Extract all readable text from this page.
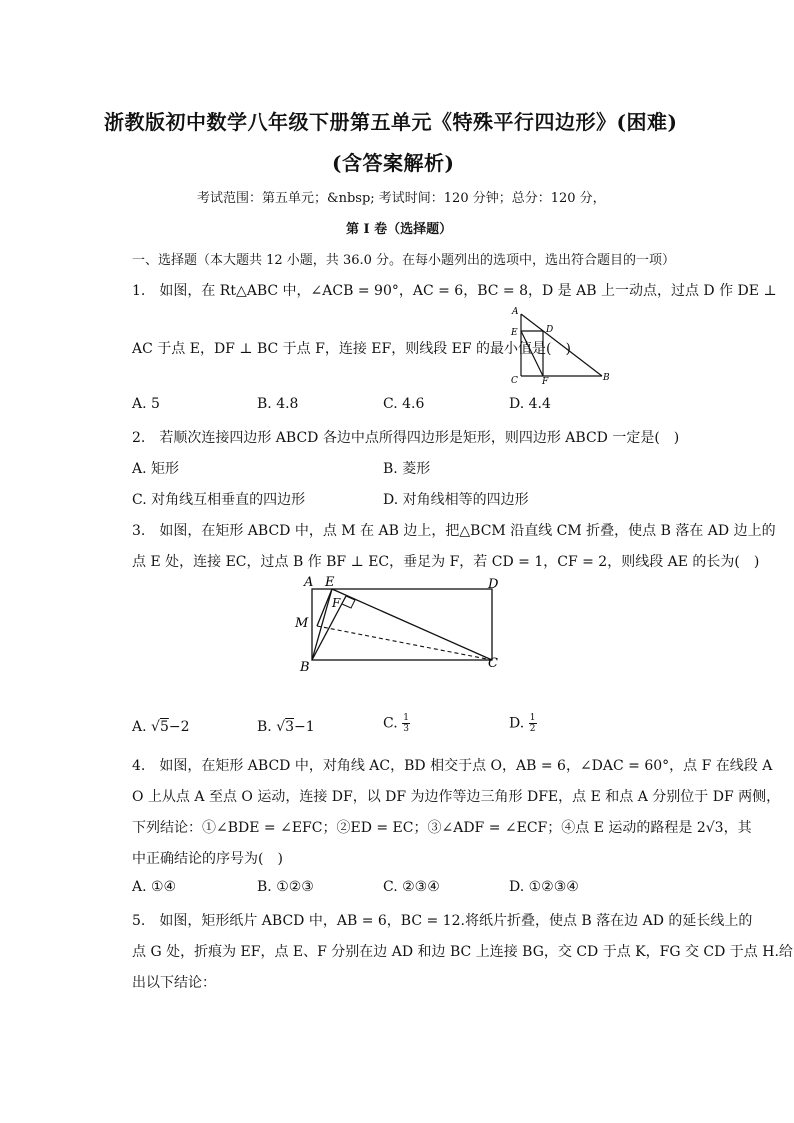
浙教版初中数学八年级下册第五单元《特殊平行四边形》(困难)
(含答案解析)
考试范围：第五单元；&nbsp; 考试时间：120 分钟；总分：120 分，
第 I 卷（选择题）
一、选择题（本大题共 12 小题，共 36.0 分。在每小题列出的选项中，选出符合题目的一项）
1.　如图，在 Rt△ABC 中，∠ACB = 90°，AC = 6，BC = 8，D 是 AB 上一动点，过点 D 作 DE ⊥
AC 于点 E，DF ⊥ BC 于点 F，连接 EF，则线段 EF 的最小值是(　)
A
E	D
C	F	B
A. 5	B. 4.8	C. 4.6	D. 4.4
2.　若顺次连接四边形 ABCD 各边中点所得四边形是矩形，则四边形 ABCD 一定是(　)
A. 矩形	B. 菱形
C. 对角线互相垂直的四边形	D. 对角线相等的四边形
3.　如图，在矩形 ABCD 中，点 M 在 AB 边上，把△BCM 沿直线 CM 折叠，使点 B 落在 AD 边上的
点 E 处，连接 EC，过点 B 作 BF ⊥ EC，垂足为 F，若 CD = 1，CF = 2，则线段 AE 的长为(　)
A E	D
F
M
B	C
A. √5−2	B. √3−1	C. $\frac{1}{3}$	D. $\frac{1}{2}$
4.　如图，在矩形 ABCD 中，对角线 AC，BD 相交于点 O，AB = 6，∠DAC = 60°，点 F 在线段 A
O 上从点 A 至点 O 运动，连接 DF，以 DF 为边作等边三角形 DFE，点 E 和点 A 分别位于 DF 两侧，
下列结论：①∠BDE = ∠EFC；②ED = EC；③∠ADF = ∠ECF；④点 E 运动的路程是 2√3，其
中正确结论的序号为(　)
A. ①④	B. ①②③	C. ②③④	D. ①②③④
5.　如图，矩形纸片 ABCD 中，AB = 6，BC = 12.将纸片折叠，使点 B 落在边 AD 的延长线上的
点 G 处，折痕为 EF，点 E、F 分别在边 AD 和边 BC 上连接 BG，交 CD 于点 K，FG 交 CD 于点 H.给
出以下结论：
